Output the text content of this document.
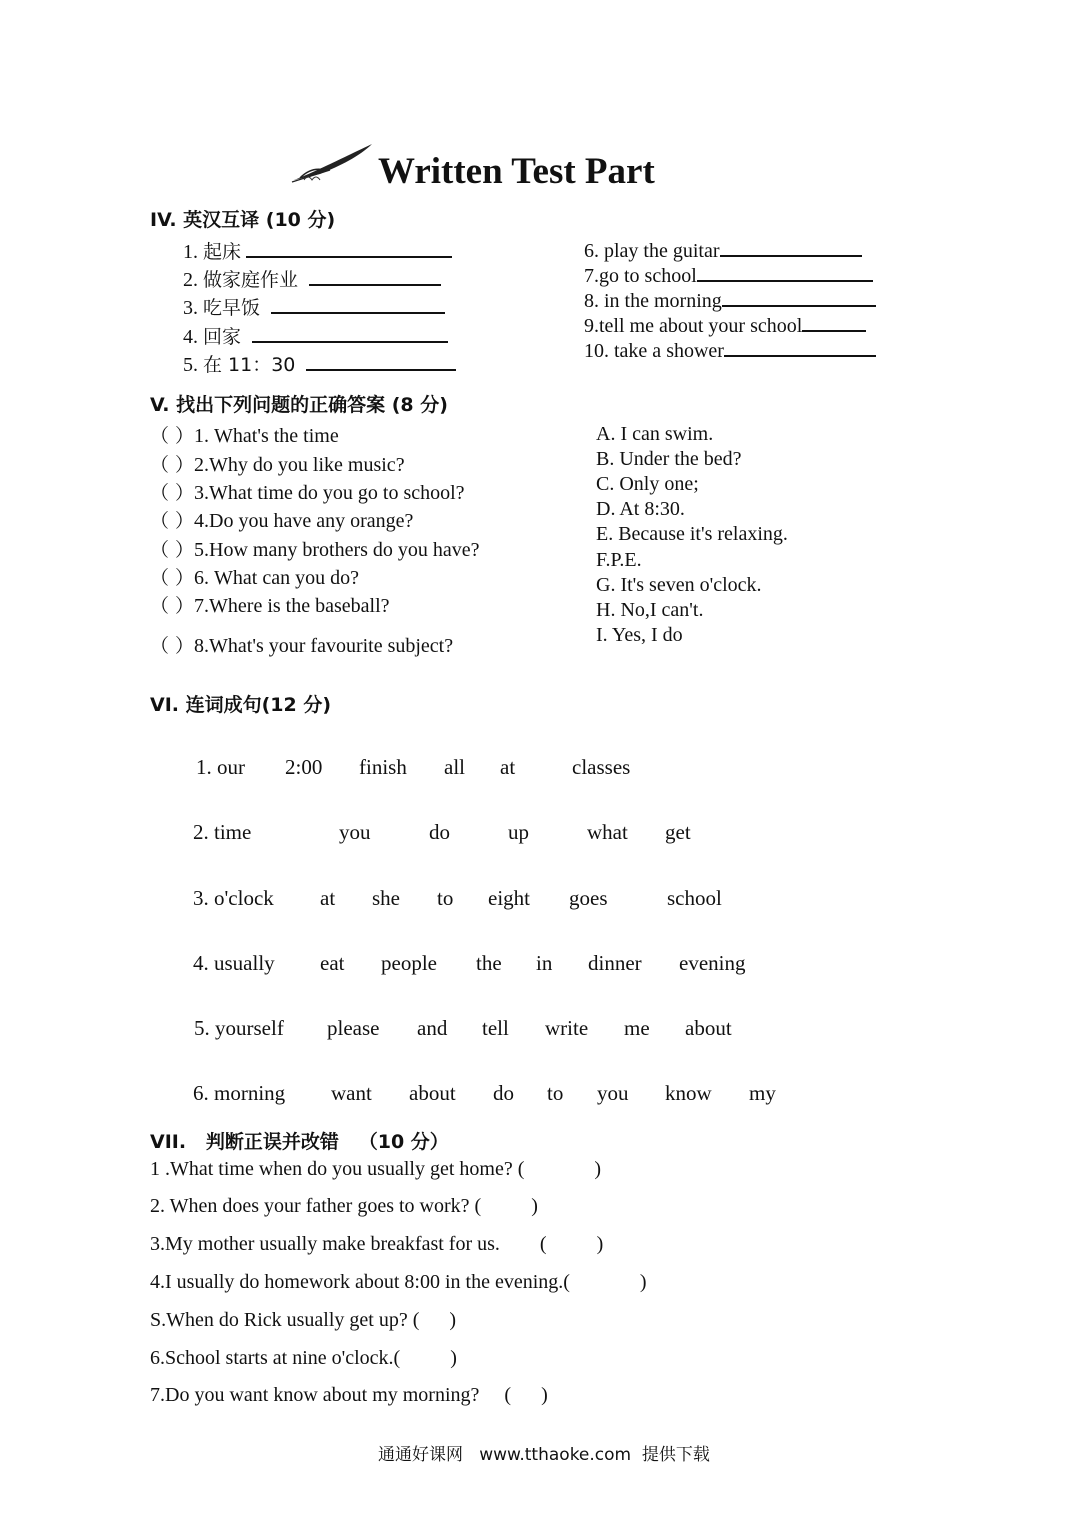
Written Test Part
IV. 英汉互译 (10 分)
1. 起床
2. 做家庭作业
3. 吃早饭
4. 回家
5. 在 11：30
6. play the guitar
7.go to school
8. in the morning
9.tell me about your school
10. take a shower
V. 找出下列问题的正确答案 (8 分)
（ ）1. What's the time
（ ）2.Why do you like music?
（ ）3.What time do you go to school?
（ ）4.Do you have any orange?
（ ）5.How many brothers do you have?
（ ）6. What can you do?
（ ）7.Where is the baseball?
（ ）8.What's your favourite subject?
A. I can swim.
B. Under the bed?
C. Only one;
D. At 8:30.
E. Because it's relaxing.
F.P.E.
G. It's seven o'clock.
H. No,I can't.
I. Yes, I do
VI. 连词成句(12 分)
1. our 2:00 finish all at	classes
2. time	you	do	up	what get
3. o'clock at she to eight goes	school
4. usually eat people the in dinner evening
5. yourself please and tell write me about
6. morning want about do to you know my
VII.   判断正误并改错   （10 分）
1 .What time when do you usually get home? (              )
2. When does your father goes to work? (          )
3.My mother usually make breakfast for us.        (          )
4.I usually do homework about 8:00 in the evening.(              )
S.When do Rick usually get up? (      )
6.School starts at nine o'clock.(          )
7.Do you want know about my morning?     (      )
通通好课网   www.tthaoke.com  提供下载
